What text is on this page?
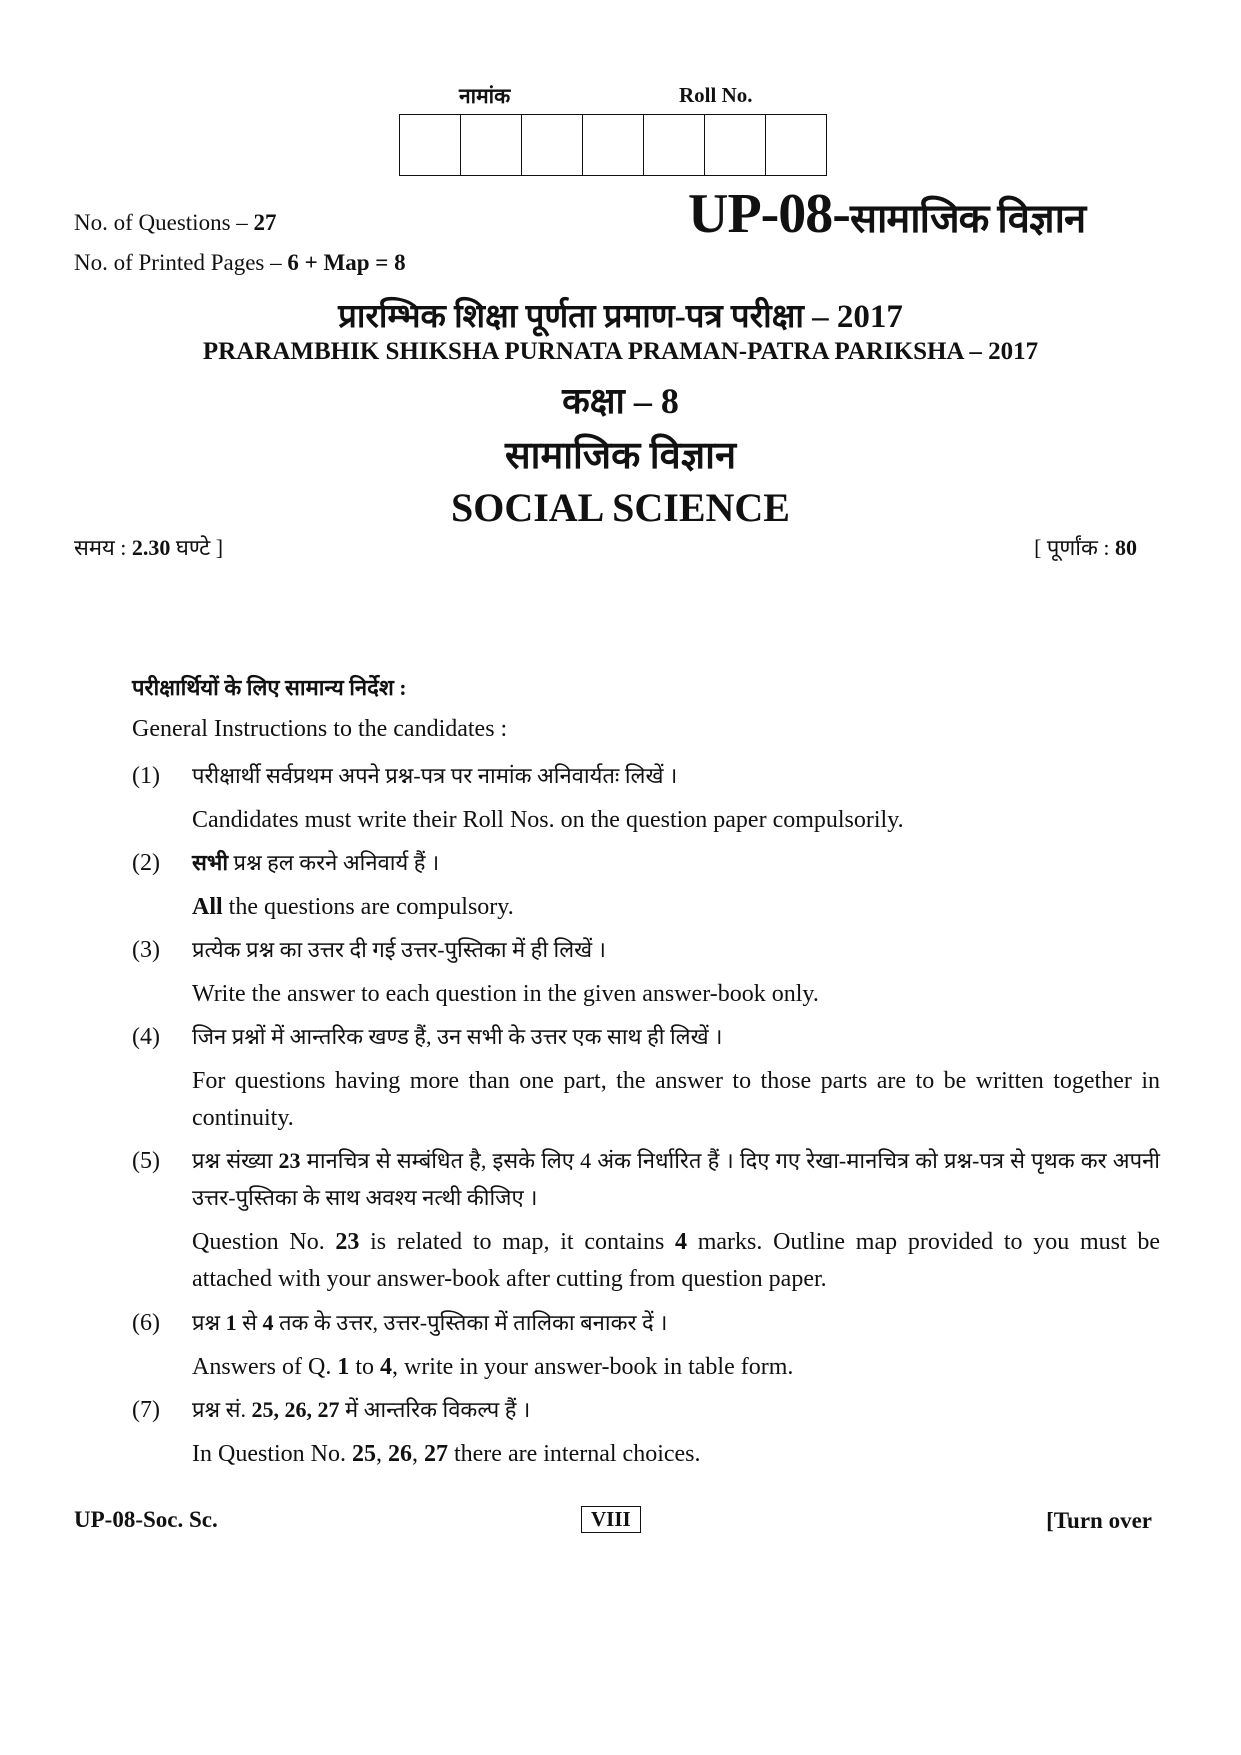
नामांक	Roll No.
No. of Questions – 27
No. of Printed Pages – 6 + Map = 8
UP-08-सामाजिक विज्ञान
प्रारम्भिक शिक्षा पूर्णता प्रमाण-पत्र परीक्षा – 2017
PRARAMBHIK SHIKSHA PURNATA PRAMAN-PATRA PARIKSHA – 2017
कक्षा – 8
सामाजिक विज्ञान
SOCIAL SCIENCE
समय : 2.30 घण्टे ]	[ पूर्णांक : 80
परीक्षार्थियों के लिए सामान्य निर्देश :
General Instructions to the candidates :
(1) परीक्षार्थी सर्वप्रथम अपने प्रश्न-पत्र पर नामांक अनिवार्यतः लिखें ।
Candidates must write their Roll Nos. on the question paper compulsorily.
(2) सभी प्रश्न हल करने अनिवार्य हैं ।
All the questions are compulsory.
(3) प्रत्येक प्रश्न का उत्तर दी गई उत्तर-पुस्तिका में ही लिखें ।
Write the answer to each question in the given answer-book only.
(4) जिन प्रश्नों में आन्तरिक खण्ड हैं, उन सभी के उत्तर एक साथ ही लिखें ।
For questions having more than one part, the answer to those parts are to be written together in continuity.
(5) प्रश्न संख्या 23 मानचित्र से सम्बंधित है, इसके लिए 4 अंक निर्धारित हैं । दिए गए रेखा-मानचित्र को प्रश्न-पत्र से पृथक कर अपनी उत्तर-पुस्तिका के साथ अवश्य नत्थी कीजिए ।
Question No. 23 is related to map, it contains 4 marks. Outline map provided to you must be attached with your answer-book after cutting from question paper.
(6) प्रश्न 1 से 4 तक के उत्तर, उत्तर-पुस्तिका में तालिका बनाकर दें ।
Answers of Q. 1 to 4, write in your answer-book in table form.
(7) प्रश्न सं. 25, 26, 27 में आन्तरिक विकल्प हैं ।
In Question No. 25, 26, 27 there are internal choices.
UP-08-Soc. Sc.	VIII	[Turn over
